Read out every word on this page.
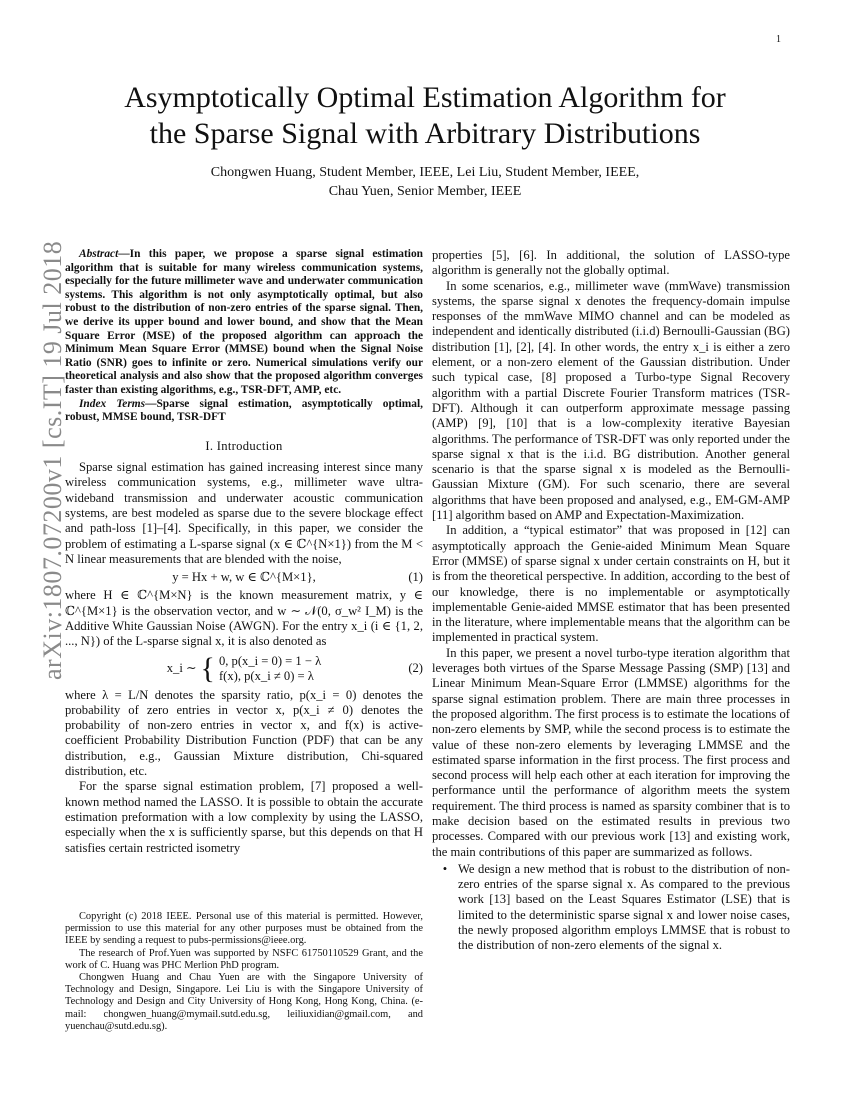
1
arXiv:1807.07200v1 [cs.IT] 19 Jul 2018
Asymptotically Optimal Estimation Algorithm for
the Sparse Signal with Arbitrary Distributions
Chongwen Huang, Student Member, IEEE, Lei Liu, Student Member, IEEE,
Chau Yuen, Senior Member, IEEE

Abstract—In this paper, we propose a sparse signal estimation algorithm that is suitable for many wireless communication systems, especially for the future millimeter wave and underwater communication systems. This algorithm is not only asymptotically optimal, but also robust to the distribution of non-zero entries of the sparse signal. Then, we derive its upper bound and lower bound, and show that the Mean Square Error (MSE) of the proposed algorithm can approach the Minimum Mean Square Error (MMSE) bound when the Signal Noise Ratio (SNR) goes to infinite or zero. Numerical simulations verify our theoretical analysis and also show that the proposed algorithm converges faster than existing algorithms, e.g., TSR-DFT, AMP, etc.

Index Terms—Sparse signal estimation, asymptotically optimal, robust, MMSE bound, TSR-DFT

I. Introduction

Sparse signal estimation has gained increasing interest since many wireless communication systems, e.g., millimeter wave ultra-wideband transmission and underwater acoustic communication systems, are best modeled as sparse due to the severe blockage effect and path-loss [1]–[4]. Specifically, in this paper, we consider the problem of estimating a L-sparse signal (x ∈ ℂ^{N×1}) from the M < N linear measurements that are blended with the noise,

y = Hx + w, w ∈ ℂ^{M×1},	(1)

where H ∈ ℂ^{M×N} is the known measurement matrix, y ∈ ℂ^{M×1} is the observation vector, and w ∼ 𝒩(0, σ_w² I_M) is the Additive White Gaussian Noise (AWGN). For the entry x_i (i ∈ {1, 2, ..., N}) of the L-sparse signal x, it is also denoted as

x_i ∼ { 0, p(x_i = 0) = 1 − λ
f(x), p(x_i ≠ 0) = λ
(2)

where λ = L/N denotes the sparsity ratio, p(x_i = 0) denotes the probability of zero entries in vector x, p(x_i ≠ 0) denotes the probability of non-zero entries in vector x, and f(x) is active-coefficient Probability Distribution Function (PDF) that can be any distribution, e.g., Gaussian Mixture distribution, Chi-squared distribution, etc.

For the sparse signal estimation problem, [7] proposed a well-known method named the LASSO. It is possible to obtain the accurate estimation preformation with a low complexity by using the LASSO, especially when the x is sufficiently sparse, but this depends on that H satisfies certain restricted isometry

Copyright (c) 2018 IEEE. Personal use of this material is permitted. However, permission to use this material for any other purposes must be obtained from the IEEE by sending a request to pubs-permissions@ieee.org.

The research of Prof.Yuen was supported by NSFC 61750110529 Grant, and the work of C. Huang was PHC Merlion PhD program.

Chongwen Huang and Chau Yuen are with the Singapore University of Technology and Design, Singapore. Lei Liu is with the Singapore University of Technology and Design and City University of Hong Kong, Hong Kong, China. (e-mail: chongwen_huang@mymail.sutd.edu.sg, leiliuxidian@gmail.com, and yuenchau@sutd.edu.sg).

properties [5], [6]. In additional, the solution of LASSO-type algorithm is generally not the globally optimal.

In some scenarios, e.g., millimeter wave (mmWave) transmission systems, the sparse signal x denotes the frequency-domain impulse responses of the mmWave MIMO channel and can be modeled as independent and identically distributed (i.i.d) Bernoulli-Gaussian (BG) distribution [1], [2], [4]. In other words, the entry x_i is either a zero element, or a non-zero element of the Gaussian distribution. Under such typical case, [8] proposed a Turbo-type Signal Recovery algorithm with a partial Discrete Fourier Transform matrices (TSR-DFT). Although it can outperform approximate message passing (AMP) [9], [10] that is a low-complexity iterative Bayesian algorithms. The performance of TSR-DFT was only reported under the sparse signal x that is the i.i.d. BG distribution. Another general scenario is that the sparse signal x is modeled as the Bernoulli-Gaussian Mixture (GM). For such scenario, there are several algorithms that have been proposed and analysed, e.g., EM-GM-AMP [11] algorithm based on AMP and Expectation-Maximization.

In addition, a “typical estimator” that was proposed in [12] can asymptotically approach the Genie-aided Minimum Mean Square Error (MMSE) of sparse signal x under certain constraints on H, but it is from the theoretical perspective. In addition, according to the best of our knowledge, there is no implementable or asymptotically implementable Genie-aided MMSE estimator that has been presented in the literature, where implementable means that the algorithm can be implemented in practical system.

In this paper, we present a novel turbo-type iteration algorithm that leverages both virtues of the Sparse Message Passing (SMP) [13] and Linear Minimum Mean-Square Error (LMMSE) algorithms for the sparse signal estimation problem. There are main three processes in the proposed algorithm. The first process is to estimate the locations of non-zero elements by SMP, while the second process is to estimate the value of these non-zero elements by leveraging LMMSE and the estimated sparse information in the first process. The first process and second process will help each other at each iteration for improving the performance until the performance of algorithm meets the system requirement. The third process is named as sparsity combiner that is to make decision based on the estimated results in previous two processes. Compared with our previous work [13] and existing work, the main contributions of this paper are summarized as follows.

• We design a new method that is robust to the distribution of non-zero entries of the sparse signal x. As compared to the previous work [13] based on the Least Squares Estimator (LSE) that is limited to the deterministic sparse signal x and lower noise cases, the newly proposed algorithm employs LMMSE that is robust to the distribution of non-zero elements of the signal x.
